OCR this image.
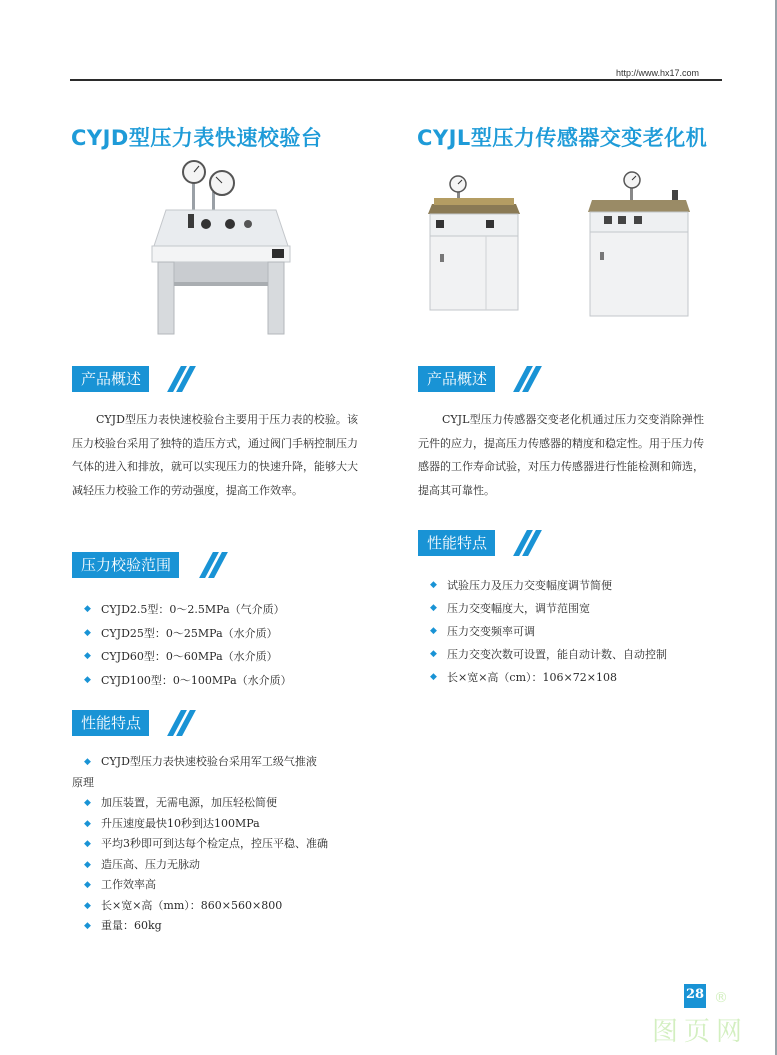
http://www.hx17.com
CYJD型压力表快速校验台	CYJL型压力传感器交变老化机
产品概述

CYJD型压力表快速校验台主要用于压力表的校验。该压力校验台采用了独特的造压方式，通过阀门手柄控制压力气体的进入和排放，就可以实现压力的快速升降，能够大大减轻压力校验工作的劳动强度，提高工作效率。

压力校验范围
◆ CYJD2.5型：0～2.5MPa（气介质）
◆ CYJD25型：0～25MPa（水介质）
◆ CYJD60型：0～60MPa（水介质）
◆ CYJD100型：0～100MPa（水介质）
性能特点
◆ CYJD型压力表快速校验台采用军工级气推液
原理
◆ 加压装置，无需电源，加压轻松简便
◆ 升压速度最快10秒到达100MPa
◆ 平均3秒即可到达每个检定点，控压平稳、准确
◆ 造压高、压力无脉动
◆ 工作效率高
◆ 长×宽×高（mm）：860×560×800
◆ 重量：60kg
产品概述

CYJL型压力传感器交变老化机通过压力交变消除弹性元件的应力，提高压力传感器的精度和稳定性。用于压力传感器的工作寿命试验，对压力传感器进行性能检测和筛选，提高其可靠性。

性能特点
◆ 试验压力及压力交变幅度调节简便
◆ 压力交变幅度大，调节范围宽
◆ 压力交变频率可调
◆ 压力交变次数可设置，能自动计数、自动控制
◆ 长×宽×高（cm）：106×72×108
28 ®
图页网
